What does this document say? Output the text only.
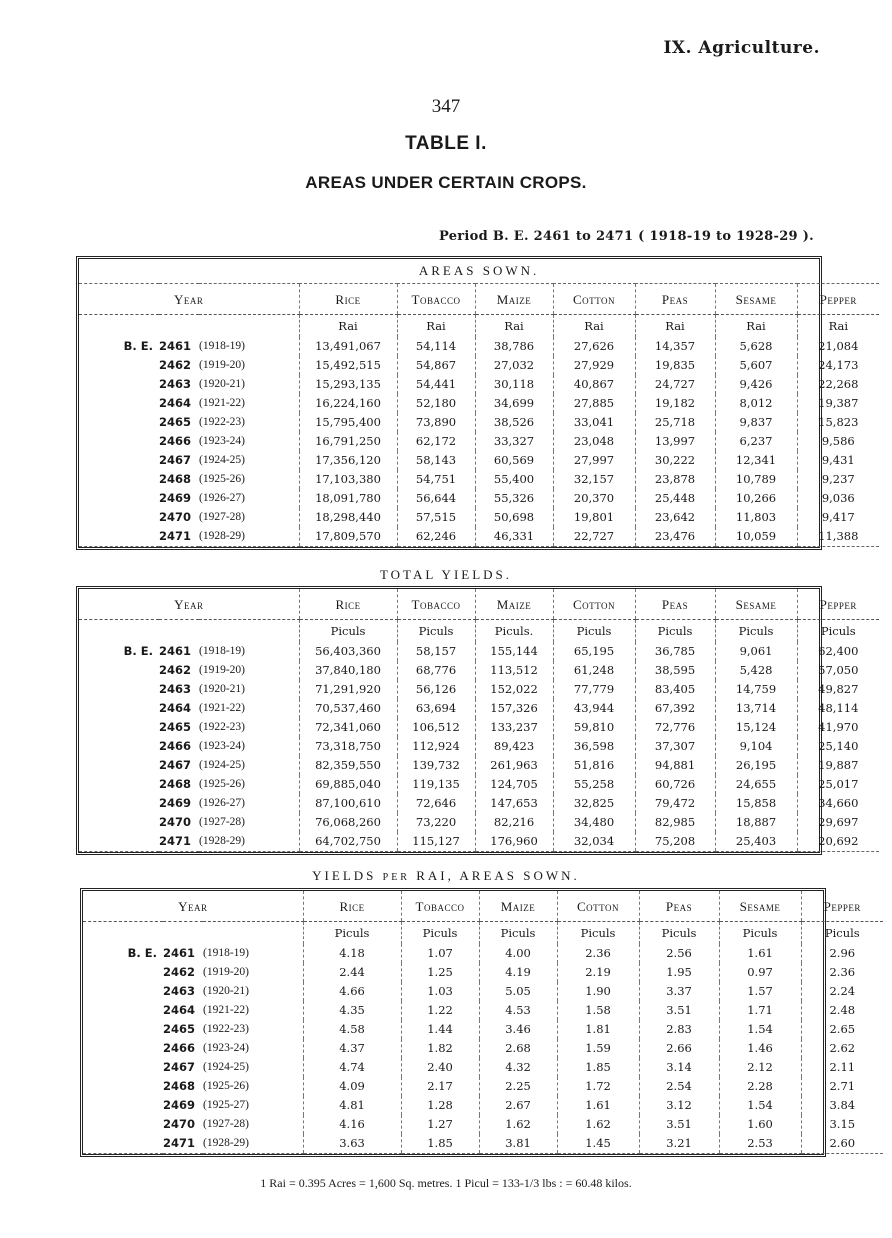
IX. Agriculture.
347
TABLE I.
AREAS UNDER CERTAIN CROPS.
Period B. E. 2461 to 2471 ( 1918-19 to 1928-29 ).
AREAS SOWN.									
Year			Rice	Tobacco	Maize	Cotton	Peas	Sesame	Pepper
			Rai	Rai	Rai	Rai	Rai	Rai	Rai
B. E.	2461	(1918-19)	13,491,067	54,114	38,786	27,626	14,357	5,628	21,084
	2462	(1919-20)	15,492,515	54,867	27,032	27,929	19,835	5,607	24,173
	2463	(1920-21)	15,293,135	54,441	30,118	40,867	24,727	9,426	22,268
	2464	(1921-22)	16,224,160	52,180	34,699	27,885	19,182	8,012	19,387
	2465	(1922-23)	15,795,400	73,890	38,526	33,041	25,718	9,837	15,823
	2466	(1923-24)	16,791,250	62,172	33,327	23,048	13,997	6,237	9,586
	2467	(1924-25)	17,356,120	58,143	60,569	27,997	30,222	12,341	9,431
	2468	(1925-26)	17,103,380	54,751	55,400	32,157	23,878	10,789	9,237
	2469	(1926-27)	18,091,780	56,644	55,326	20,370	25,448	10,266	9,036
	2470	(1927-28)	18,298,440	57,515	50,698	19,801	23,642	11,803	9,417
	2471	(1928-29)	17,809,570	62,246	46,331	22,727	23,476	10,059	11,388
TOTAL YIELDS.
Year			Rice	Tobacco	Maize	Cotton	Peas	Sesame	Pepper
			Piculs	Piculs	Piculs.	Piculs	Piculs	Piculs	Piculs
B. E.	2461	(1918-19)	56,403,360	58,157	155,144	65,195	36,785	9,061	62,400
	2462	(1919-20)	37,840,180	68,776	113,512	61,248	38,595	5,428	57,050
	2463	(1920-21)	71,291,920	56,126	152,022	77,779	83,405	14,759	49,827
	2464	(1921-22)	70,537,460	63,694	157,326	43,944	67,392	13,714	48,114
	2465	(1922-23)	72,341,060	106,512	133,237	59,810	72,776	15,124	41,970
	2466	(1923-24)	73,318,750	112,924	89,423	36,598	37,307	9,104	25,140
	2467	(1924-25)	82,359,550	139,732	261,963	51,816	94,881	26,195	19,887
	2468	(1925-26)	69,885,040	119,135	124,705	55,258	60,726	24,655	25,017
	2469	(1926-27)	87,100,610	72,646	147,653	32,825	79,472	15,858	34,660
	2470	(1927-28)	76,068,260	73,220	82,216	34,480	82,985	18,887	29,697
	2471	(1928-29)	64,702,750	115,127	176,960	32,034	75,208	25,403	20,692
YIELDS PER RAI, AREAS SOWN.
Year			Rice	Tobacco	Maize	Cotton	Peas	Sesame	Pepper
			Piculs	Piculs	Piculs	Piculs	Piculs	Piculs	Piculs
B. E.	2461	(1918-19)	4.18	1.07	4.00	2.36	2.56	1.61	2.96
	2462	(1919-20)	2.44	1.25	4.19	2.19	1.95	0.97	2.36
	2463	(1920-21)	4.66	1.03	5.05	1.90	3.37	1.57	2.24
	2464	(1921-22)	4.35	1.22	4.53	1.58	3.51	1.71	2.48
	2465	(1922-23)	4.58	1.44	3.46	1.81	2.83	1.54	2.65
	2466	(1923-24)	4.37	1.82	2.68	1.59	2.66	1.46	2.62
	2467	(1924-25)	4.74	2.40	4.32	1.85	3.14	2.12	2.11
	2468	(1925-26)	4.09	2.17	2.25	1.72	2.54	2.28	2.71
	2469	(1925-27)	4.81	1.28	2.67	1.61	3.12	1.54	3.84
	2470	(1927-28)	4.16	1.27	1.62	1.62	3.51	1.60	3.15
	2471	(1928-29)	3.63	1.85	3.81	1.45	3.21	2.53	2.60
1 Rai = 0.395 Acres = 1,600 Sq. metres. 1 Picul = 133-1/3 lbs : = 60.48 kilos.
